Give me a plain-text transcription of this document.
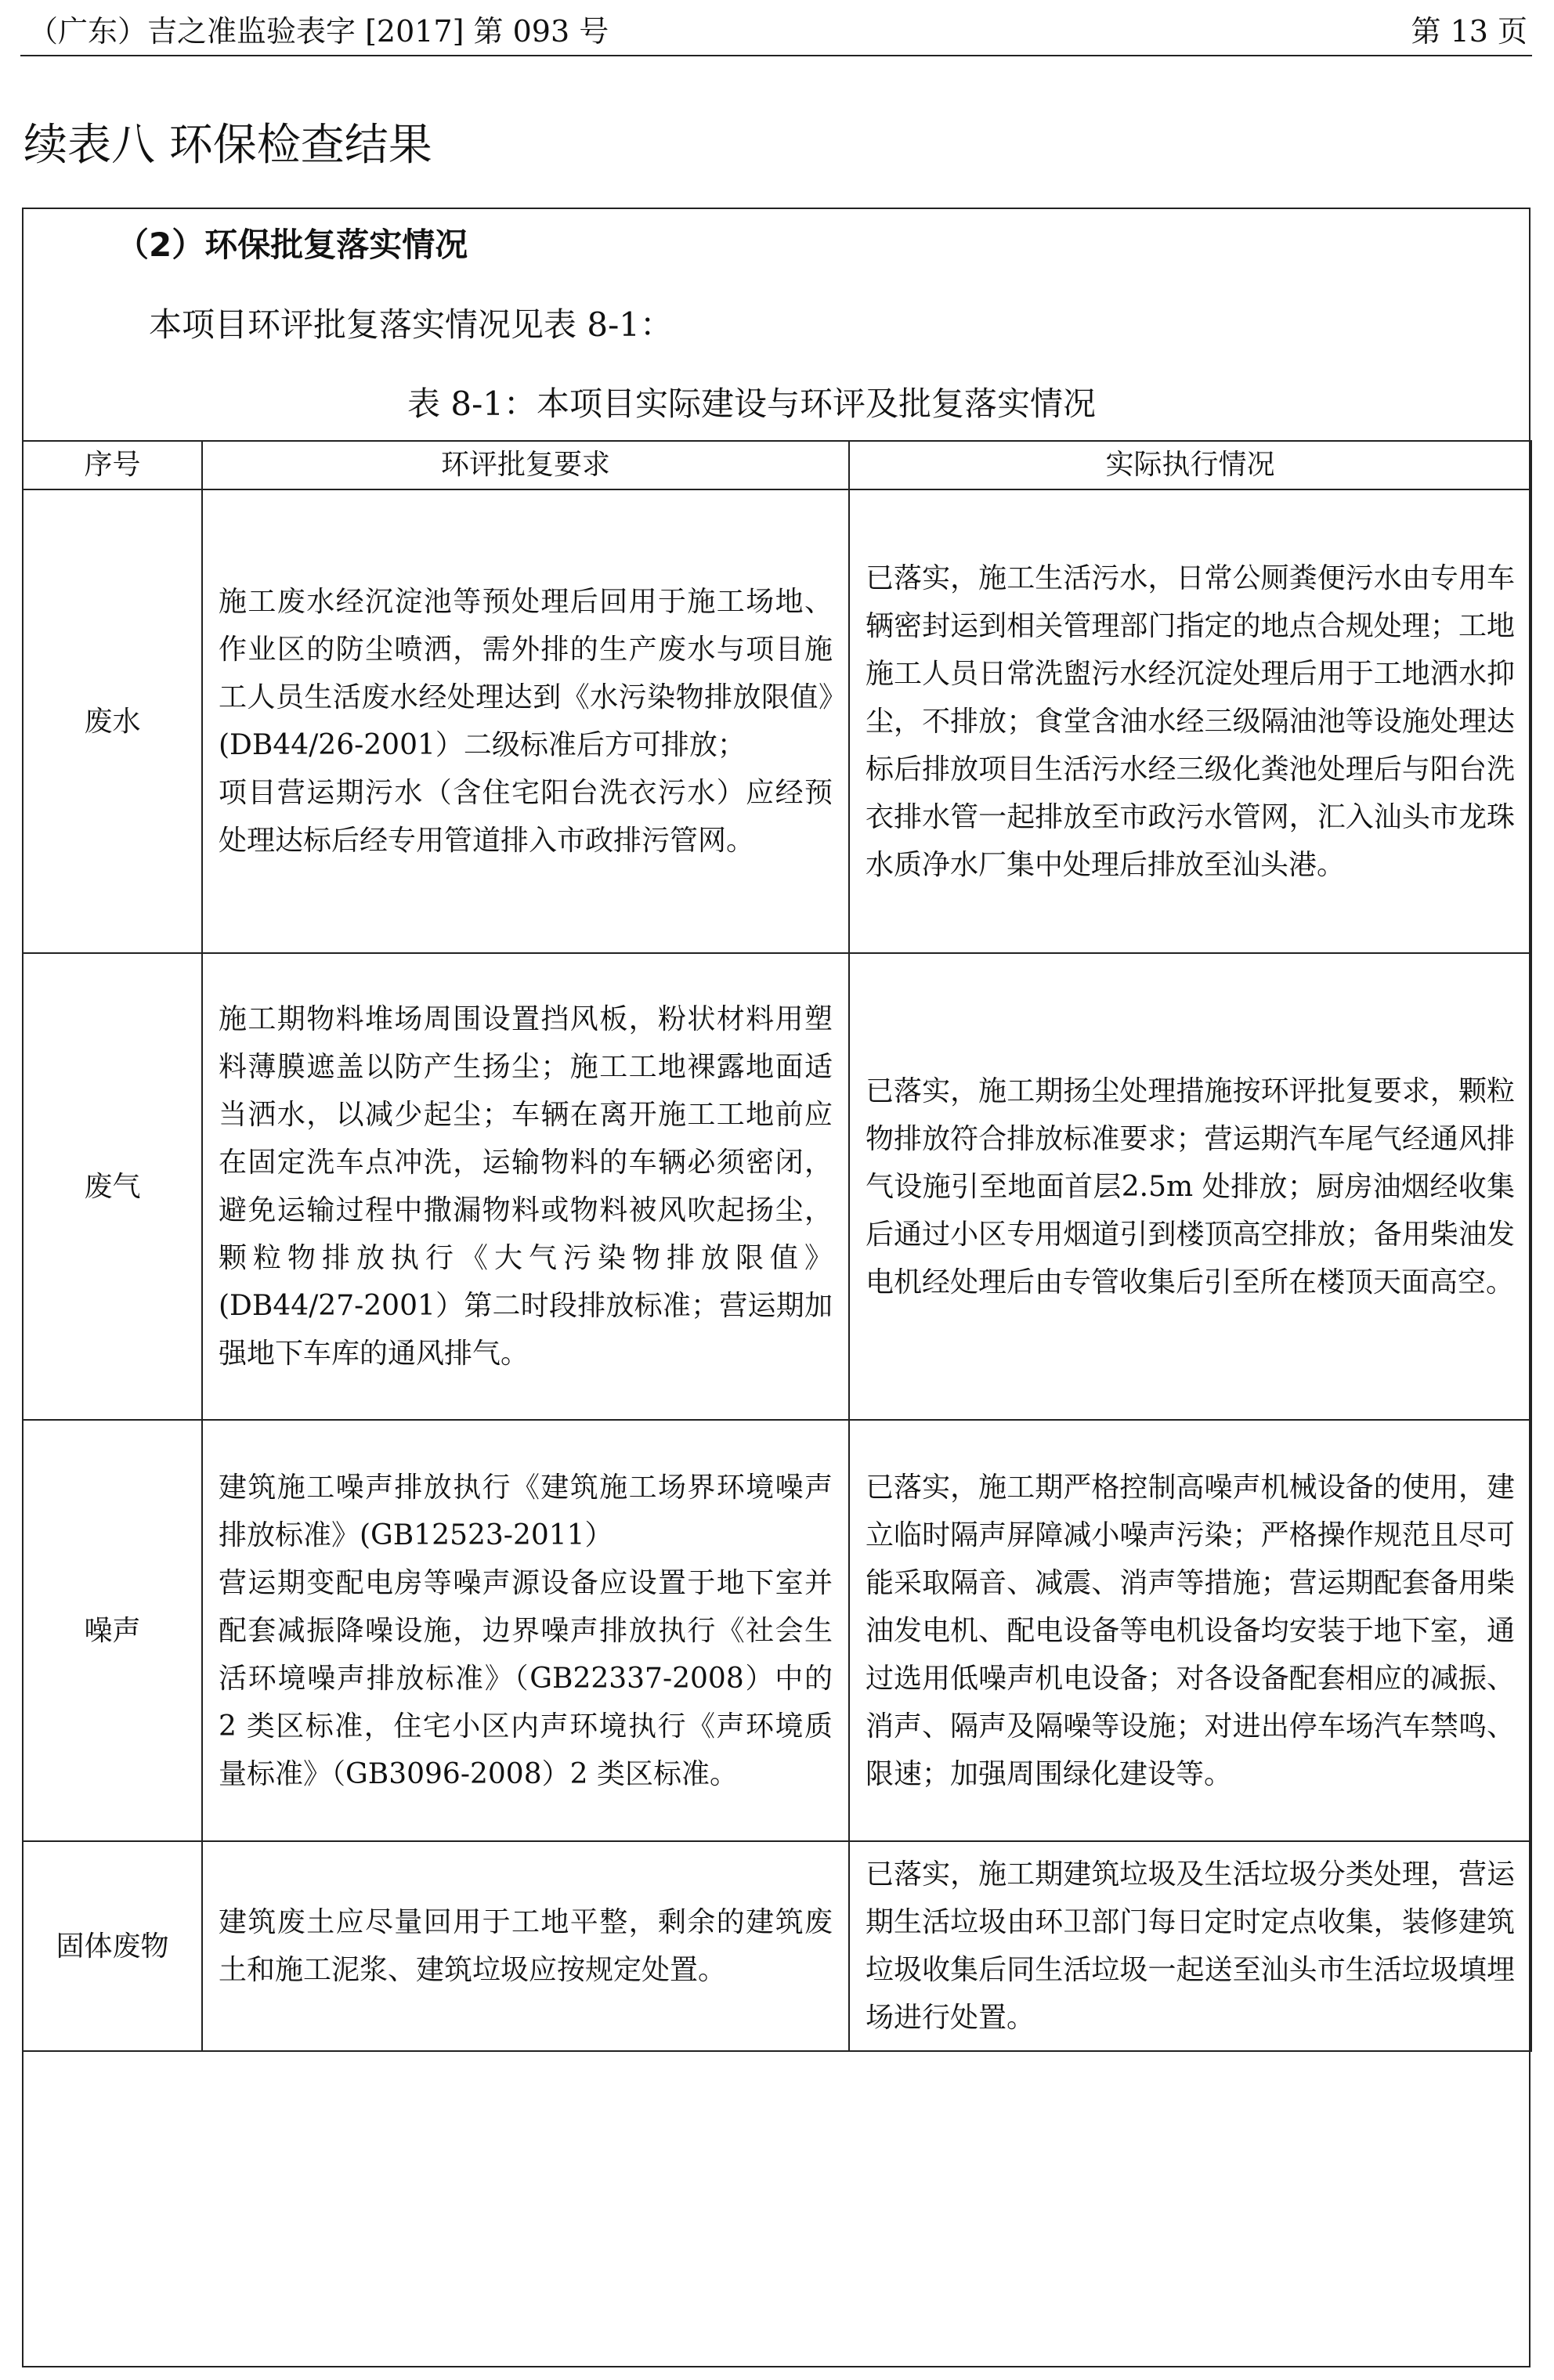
（广东）吉之准监验表字 [2017] 第 093 号	第 13 页
续表八 环保检查结果
（2）环保批复落实情况
本项目环评批复落实情况见表 8-1：
表 8-1：本项目实际建设与环评及批复落实情况
序号	环评批复要求	实际执行情况
废水	施工废水经沉淀池等预处理后回用于施工场地、作业区的防尘喷洒，需外排的生产废水与项目施工人员生活废水经处理达到《水污染物排放限值》(DB44/26-2001）二级标准后方可排放；
项目营运期污水（含住宅阳台洗衣污水）应经预处理达标后经专用管道排入市政排污管网。	已落实，施工生活污水，日常公厕粪便污水由专用车辆密封运到相关管理部门指定的地点合规处理；工地施工人员日常洗盥污水经沉淀处理后用于工地洒水抑尘，不排放；食堂含油水经三级隔油池等设施处理达标后排放项目生活污水经三级化粪池处理后与阳台洗衣排水管一起排放至市政污水管网，汇入汕头市龙珠水质净水厂集中处理后排放至汕头港。
废气	施工期物料堆场周围设置挡风板，粉状材料用塑料薄膜遮盖以防产生扬尘；施工工地裸露地面适当洒水，以减少起尘；车辆在离开施工工地前应在固定洗车点冲洗，运输物料的车辆必须密闭，避免运输过程中撒漏物料或物料被风吹起扬尘，颗粒物排放执行《大气污染物排放限值》(DB44/27-2001）第二时段排放标准；营运期加强地下车库的通风排气。	已落实，施工期扬尘处理措施按环评批复要求，颗粒物排放符合排放标准要求；营运期汽车尾气经通风排气设施引至地面首层2.5m 处排放；厨房油烟经收集后通过小区专用烟道引到楼顶高空排放；备用柴油发电机经处理后由专管收集后引至所在楼顶天面高空。
噪声	建筑施工噪声排放执行《建筑施工场界环境噪声排放标准》(GB12523-2011）
营运期变配电房等噪声源设备应设置于地下室并配套减振降噪设施，边界噪声排放执行《社会生活环境噪声排放标准》（GB22337-2008）中的 2 类区标准，住宅小区内声环境执行《声环境质量标准》（GB3096-2008）2 类区标准。	已落实，施工期严格控制高噪声机械设备的使用，建立临时隔声屏障减小噪声污染；严格操作规范且尽可能采取隔音、减震、消声等措施；营运期配套备用柴油发电机、配电设备等电机设备均安装于地下室，通过选用低噪声机电设备；对各设备配套相应的减振、消声、隔声及隔噪等设施；对进出停车场汽车禁鸣、限速；加强周围绿化建设等。
固体废物	建筑废土应尽量回用于工地平整，剩余的建筑废土和施工泥浆、建筑垃圾应按规定处置。	已落实，施工期建筑垃圾及生活垃圾分类处理，营运期生活垃圾由环卫部门每日定时定点收集，装修建筑垃圾收集后同生活垃圾一起送至汕头市生活垃圾填埋场进行处置。
